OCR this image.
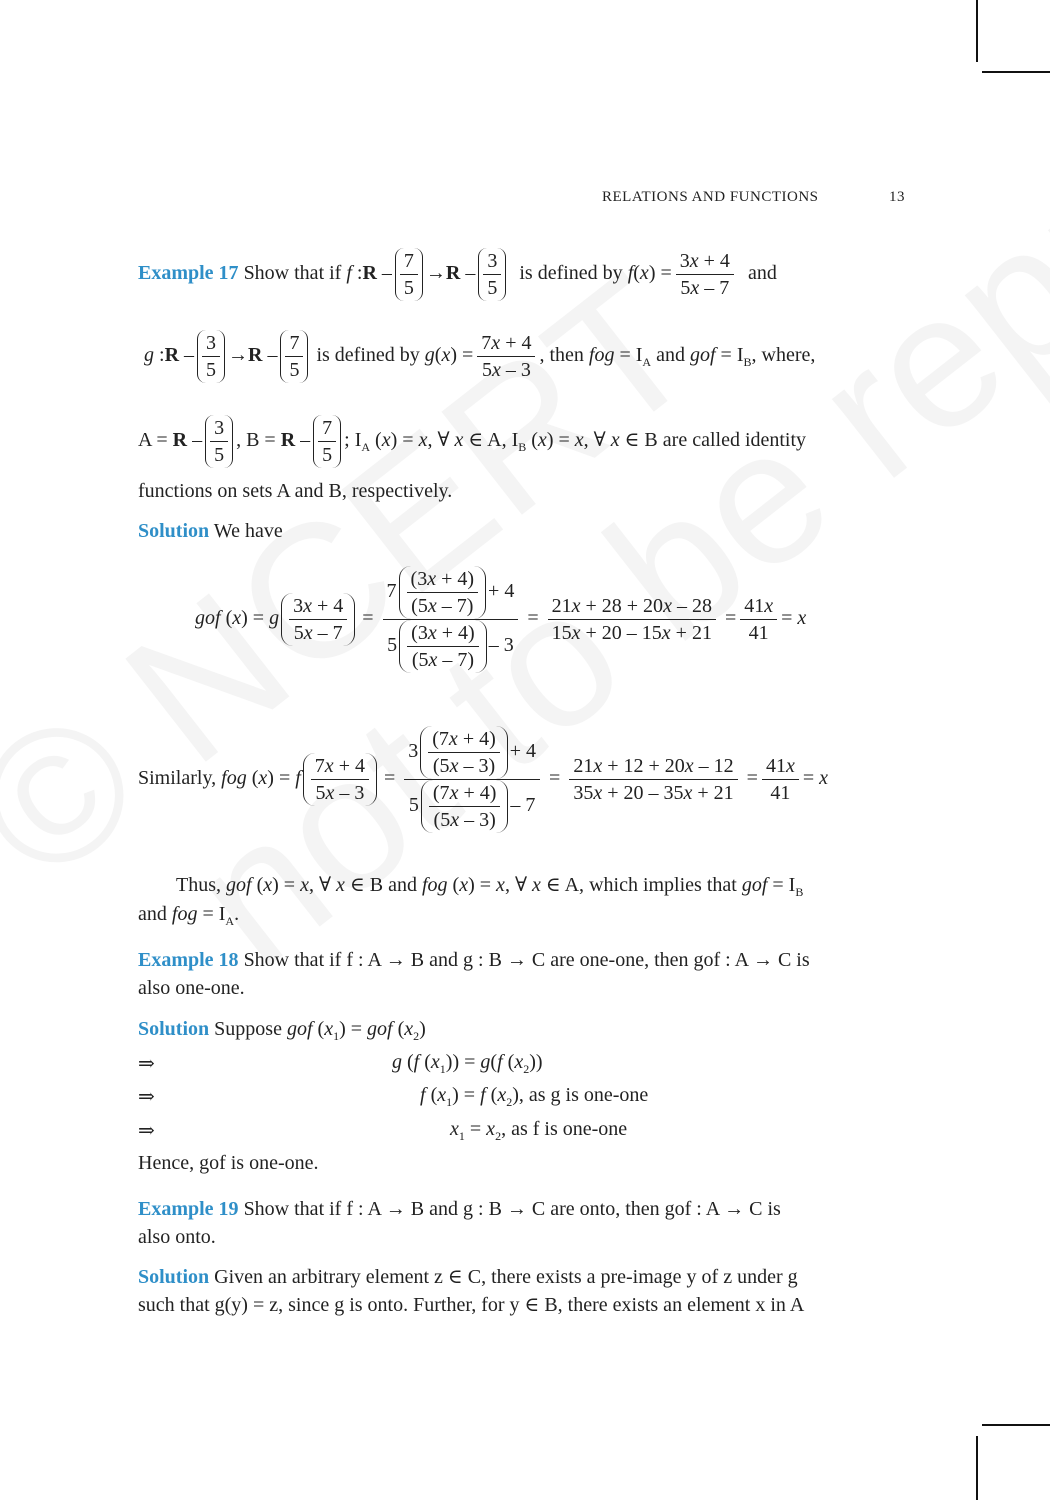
RELATIONS AND FUNCTIONS	13
Example 17 Show that if f :R – $\frac{7}{5} \to R - \frac{3}{5}$ is defined by $f(x) = \frac{3x + 4}{5x - 7}$ and
g :R – $\frac{3}{5} \to R - \frac{7}{5}$ is defined by $g(x) = \frac{7x + 4}{5x - 3}$ , then fog = $I_A$ and gof = $I_B$, where,
$A = R - \frac{3}{5}$ , $B = R - \frac{7}{5}$ ; $I_A$ (x) = x, ∀ x ∈ A, $I_B$ (x) = x, ∀ x ∈ B are called identity
functions on sets A and B, respectively.
Solution We have
gof (x) = g $\frac{3x + 4}{5x - 7} = \frac{7 \frac{(3x + 4)}{(5x - 7)} + 4}{5 \frac{(3x + 4)}{(5x - 7)} - 3} = \frac{21x + 28 + 20x - 28}{15x + 20 - 15x + 21} = \frac{41x}{41} = x$
Similarly, fog (x) = f $\frac{7x + 4}{5x - 3} = \frac{3 \frac{(7x + 4)}{(5x - 3)} + 4}{5 \frac{(7x + 4)}{(5x - 3)} - 7} = \frac{21x + 12 + 20x - 12}{35x + 20 - 35x + 21} = \frac{41x}{41} = x$
Thus, gof (x) = x, ∀ x ∈ B and fog (x) = x, ∀ x ∈ A, which implies that gof = $I_B$
and fog = $I_A$.
Example 18 Show that if f : A → B and g : B → C are one-one, then gof : A → C is
also one-one.
Solution Suppose gof $(x_1)$ = gof $(x_2)$
⇒	g (f $(x_1)) = g(f$ $(x_2)$)
⇒	f $(x_1) = f$ $(x_2)$, as g is one-one
⇒	$x_1 = x_2$, as f is one-one
Hence, gof is one-one.
Example 19 Show that if f : A → B and g : B → C are onto, then gof : A → C is
also onto.
Solution Given an arbitrary element z ∈ C, there exists a pre-image y of z under g
such that g(y) = z, since g is onto. Further, for y ∈ B, there exists an element x in A
